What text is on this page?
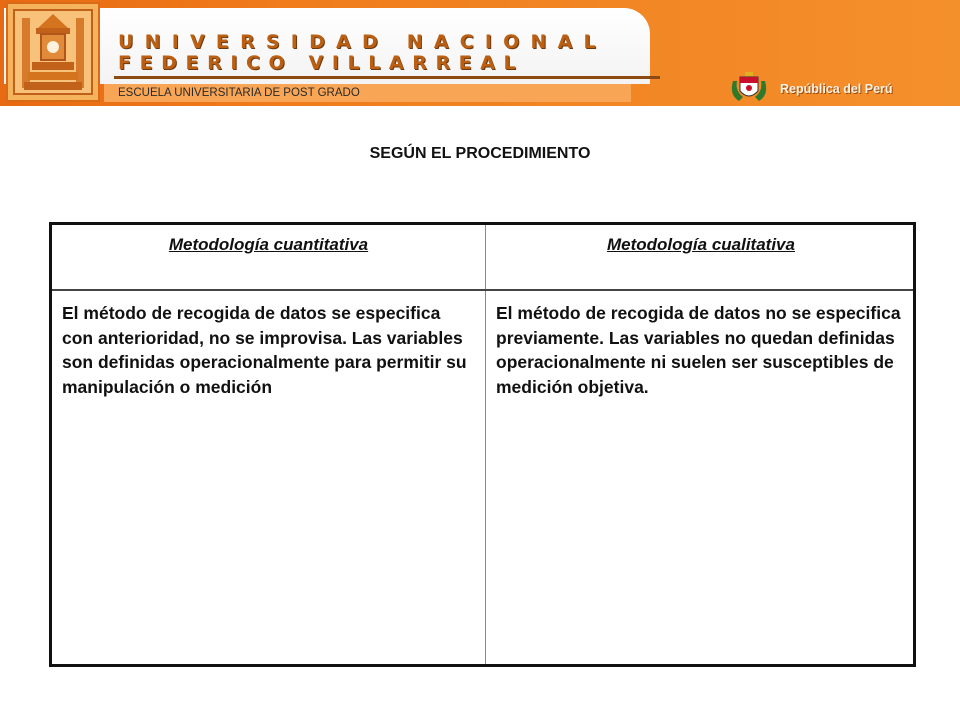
UNIVERSIDAD NACIONAL
FEDERICO VILLARREAL
ESCUELA UNIVERSITARIA DE POST GRADO	República del Perú
SEGÚN EL PROCEDIMIENTO
Metodología cuantitativa	Metodología cualitativa
El método de recogida de datos se especifica con anterioridad, no se improvisa. Las variables son definidas operacionalmente para permitir su manipulación o medición
El método de recogida de datos no se especifica previamente. Las variables no quedan definidas operacionalmente ni suelen ser susceptibles de medición objetiva.
